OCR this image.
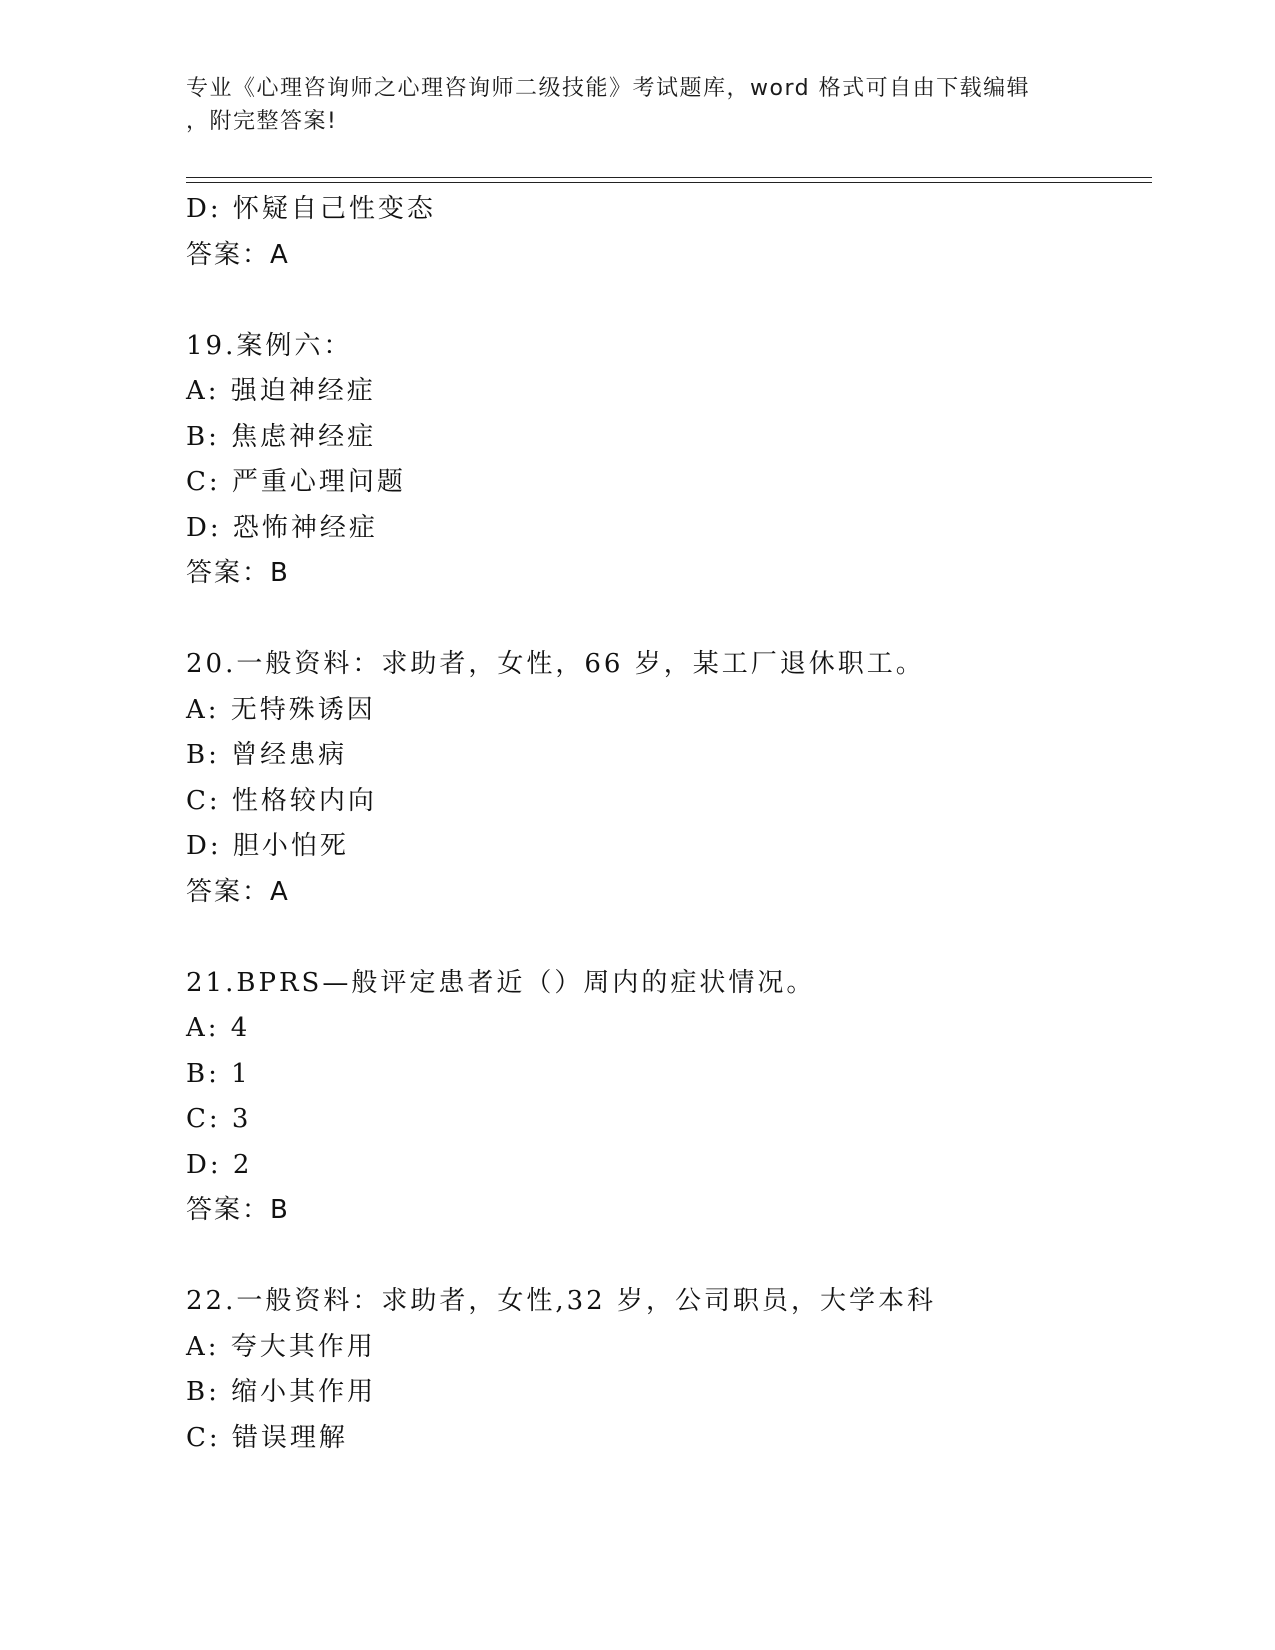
专业《心理咨询师之心理咨询师二级技能》考试题库，word 格式可自由下载编辑
，附完整答案!
D: 怀疑自己性变态
答案：A
19.案例六：
A: 强迫神经症
B: 焦虑神经症
C: 严重心理问题
D: 恐怖神经症
答案：B
20.一般资料：求助者，女性，66 岁，某工厂退休职工。
A: 无特殊诱因
B: 曾经患病
C: 性格较内向
D: 胆小怕死
答案：A
21.BPRS—般评定患者近（）周内的症状情况。
A: 4
B: 1
C: 3
D: 2
答案：B
22.一般资料：求助者，女性,32 岁，公司职员，大学本科
A: 夸大其作用
B: 缩小其作用
C: 错误理解
